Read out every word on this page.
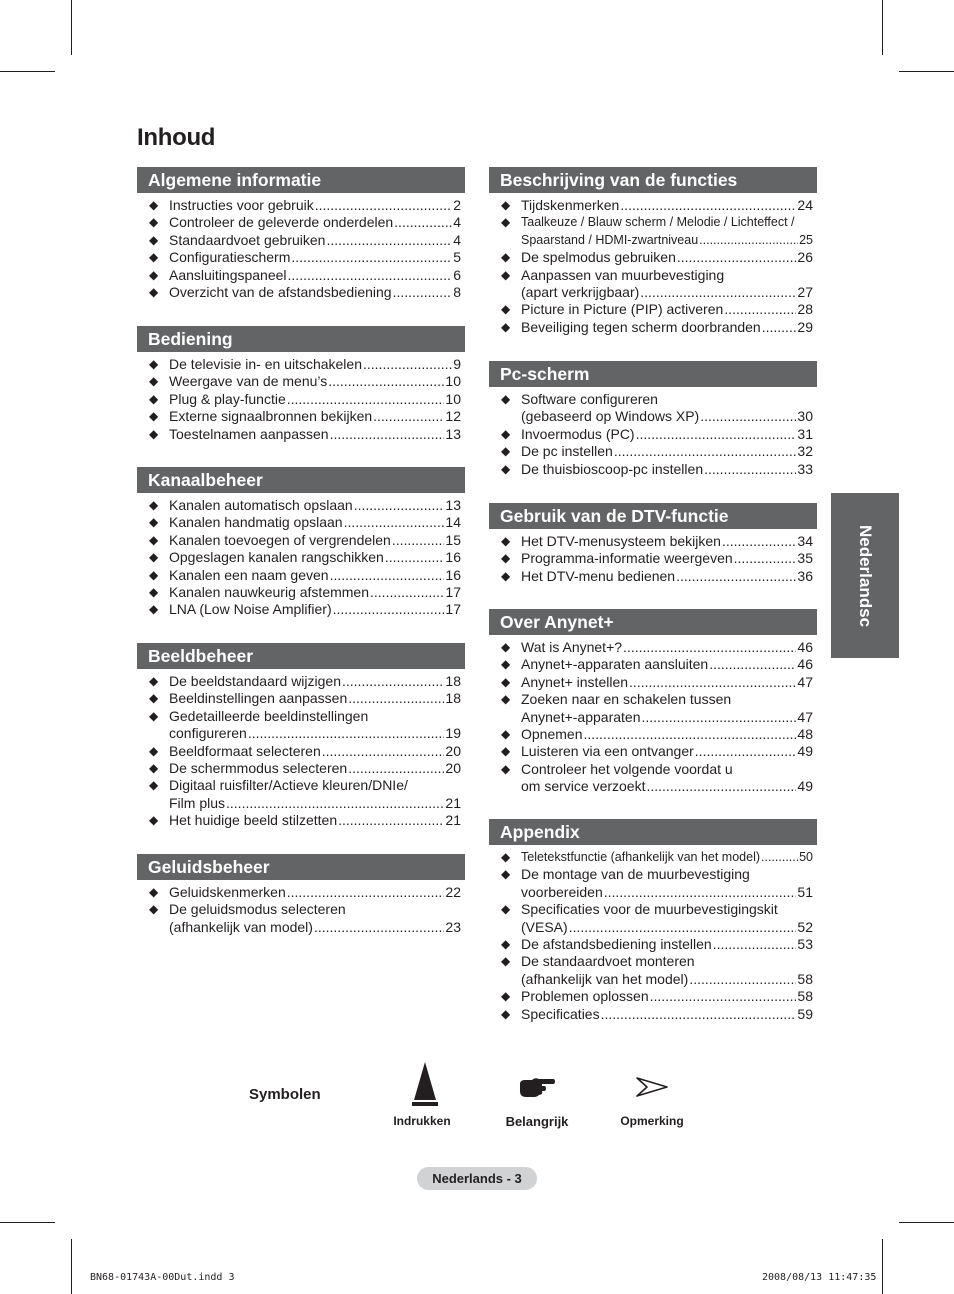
Inhoud
Algemene informatie
◆ Instructies voor gebruik .....	2
◆ Controleer de geleverde onderdelen .....	4
◆ Standaardvoet gebruiken .....	4
◆ Configuratiescherm .....	5
◆ Aansluitingspaneel .....	6
◆ Overzicht van de afstandsbediening .....	8
Bediening
◆ De televisie in- en uitschakelen .....	9
◆ Weergave van de menu’s .....	10
◆ Plug & play-functie .....	10
◆ Externe signaalbronnen bekijken .....	12
◆ Toestelnamen aanpassen .....	13
Kanaalbeheer
◆ Kanalen automatisch opslaan .....	13
◆ Kanalen handmatig opslaan .....	14
◆ Kanalen toevoegen of vergrendelen .....	15
◆ Opgeslagen kanalen rangschikken .....	16
◆ Kanalen een naam geven .....	16
◆ Kanalen nauwkeurig afstemmen .....	17
◆ LNA (Low Noise Amplifier) .....	17
Beeldbeheer
◆ De beeldstandaard wijzigen .....	18
◆ Beeldinstellingen aanpassen .....	18
◆ Gedetailleerde beeldinstellingen
configureren .....	19
◆ Beeldformaat selecteren .....	20
◆ De schermmodus selecteren .....	20
◆ Digitaal ruisfilter/Actieve kleuren/DNIe/
Film plus .....	21
◆ Het huidige beeld stilzetten .....	21
Geluidsbeheer
◆ Geluidskenmerken .....	22
◆ De geluidsmodus selecteren
(afhankelijk van model) .....	23
Beschrijving van de functies
◆ Tijdskenmerken .....	24
◆ Taalkeuze / Blauw scherm / Melodie / Lichteffect /
Spaarstand / HDMI-zwartniveau .....	25
◆ De spelmodus gebruiken .....	26
◆ Aanpassen van muurbevestiging
(apart verkrijgbaar) .....	27
◆ Picture in Picture (PIP) activeren .....	28
◆ Beveiliging tegen scherm doorbranden .....	29
Pc-scherm
◆ Software configureren
(gebaseerd op Windows XP) .....	30
◆ Invoermodus (PC) .....	31
◆ De pc instellen .....	32
◆ De thuisbioscoop-pc instellen .....	33
Gebruik van de DTV-functie
◆ Het DTV-menusysteem bekijken .....	34
◆ Programma-informatie weergeven .....	35
◆ Het DTV-menu bedienen .....	36
Over Anynet+
◆ Wat is Anynet+? .....	46
◆ Anynet+-apparaten aansluiten .....	46
◆ Anynet+ instellen .....	47
◆ Zoeken naar en schakelen tussen
Anynet+-apparaten .....	47
◆ Opnemen .....	48
◆ Luisteren via een ontvanger .....	49
◆ Controleer het volgende voordat u
om service verzoekt .....	49
Appendix
◆ Teletekstfunctie (afhankelijk van het model) .....	50
◆ De montage van de muurbevestiging
voorbereiden .....	51
◆ Specificaties voor de muurbevestigingskit
(VESA) .....	52
◆ De afstandsbediening instellen .....	53
◆ De standaardvoet monteren
(afhankelijk van het model) .....	58
◆ Problemen oplossen .....	58
◆ Specificaties .....	59
Nederlandsc
Symbolen
Indrukken	Belangrijk	Opmerking
Nederlands - 3
BN68-01743A-00Dut.indd 3	2008/08/13 11:47:35
